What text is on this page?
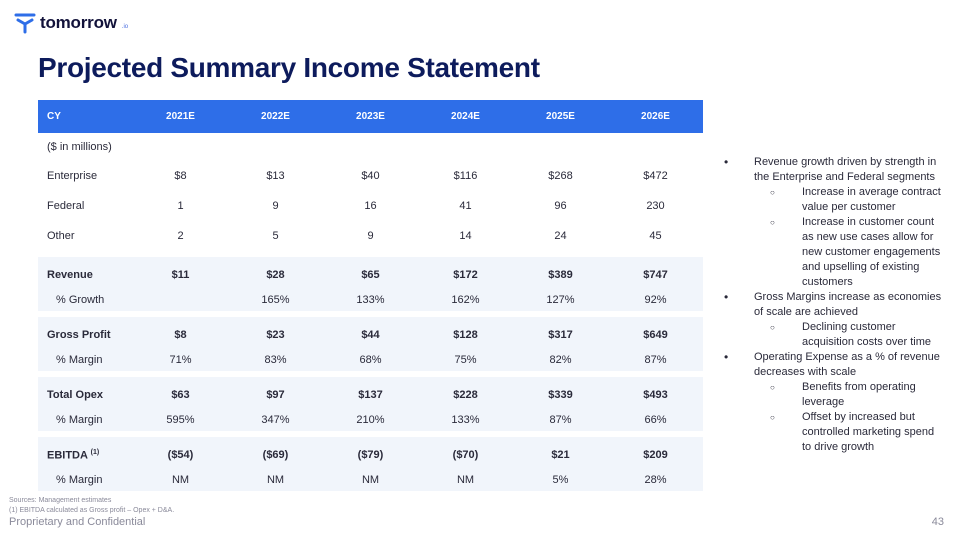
tomorrow .io
Projected Summary Income Statement
CY	2021E	2022E	2023E	2024E	2025E	2026E
($ in millions)						
Enterprise	$8	$13	$40	$116	$268	$472
Federal	1	9	16	41	96	230
Other	2	5	9	14	24	45

Revenue	$11	$28	$65	$172	$389	$747
% Growth		165%	133%	162%	127%	92%

Gross Profit	$8	$23	$44	$128	$317	$649
% Margin	71%	83%	68%	75%	82%	87%

Total Opex	$63	$97	$137	$228	$339	$493
% Margin	595%	347%	210%	133%	87%	66%

EBITDA $^{(1)}$	($54)	($69)	($79)	($70)	$21	$209
% Margin	NM	NM	NM	NM	5%	28%
• Revenue growth driven by strength in the Enterprise and Federal segments
○ Increase in average contract value per customer
○ Increase in customer count as new use cases allow for new customer engagements and upselling of existing customers
• Gross Margins increase as economies of scale are achieved
○ Declining customer acquisition costs over time
• Operating Expense as a % of revenue decreases with scale
○ Benefits from operating leverage
○ Offset by increased but controlled marketing spend to drive growth
Sources: Management estimates
(1) EBITDA calculated as Gross profit – Opex + D&A.
Proprietary and Confidential	43
